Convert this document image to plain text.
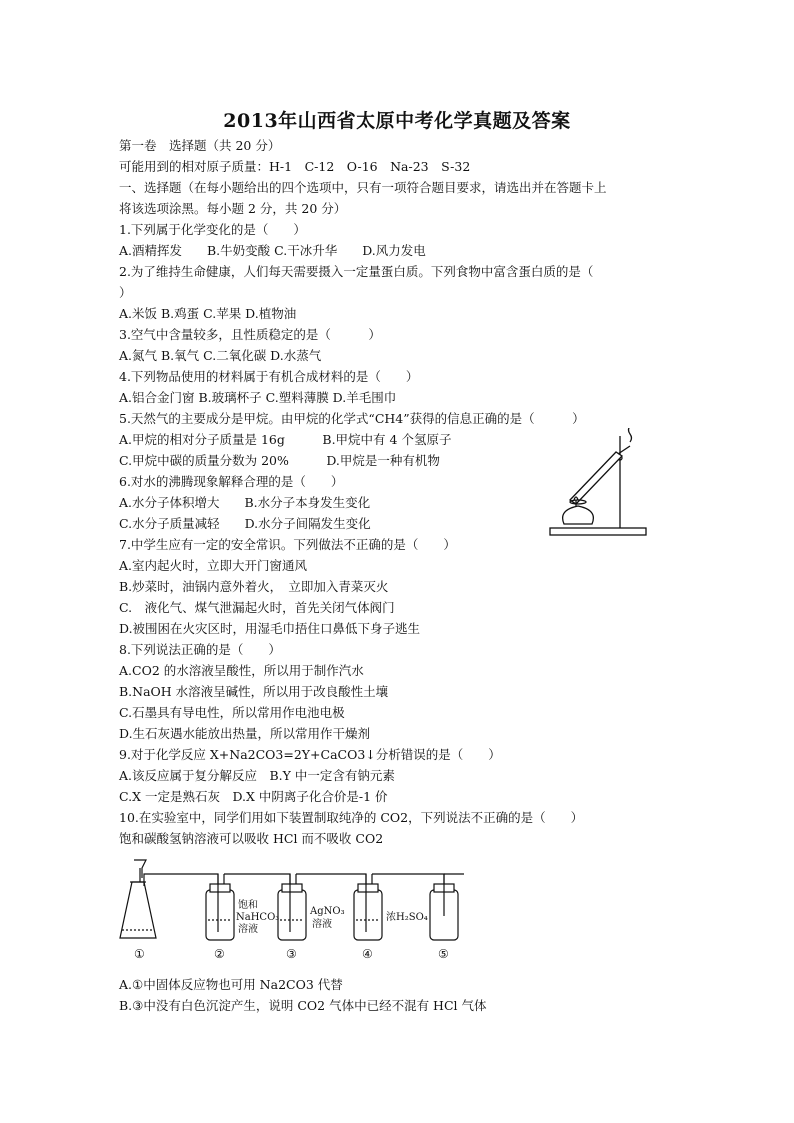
2013年山西省太原中考化学真题及答案
第一卷　选择题（共 20 分）
可能用到的相对原子质量：H-1　C-12　O-16　Na-23　S-32
一、选择题（在每小题给出的四个选项中，只有一项符合题目要求，请选出并在答题卡上
将该选项涂黑。每小题 2 分，共 20 分）
1.下列属于化学变化的是（　　）
A.酒精挥发　　B.牛奶变酸 C.干冰升华　　D.风力发电
2.为了维持生命健康，人们每天需要摄入一定量蛋白质。下列食物中富含蛋白质的是（
）
A.米饭 B.鸡蛋 C.苹果 D.植物油
3.空气中含量较多，且性质稳定的是（　　　）
A.氮气 B.氧气 C.二氧化碳 D.水蒸气
4.下列物品使用的材料属于有机合成材料的是（　　）
A.铝合金门窗 B.玻璃杯子 C.塑料薄膜 D.羊毛围巾
5.天然气的主要成分是甲烷。由甲烷的化学式“CH4”获得的信息正确的是（　　　）
A.甲烷的相对分子质量是 16g　　　B.甲烷中有 4 个氢原子
C.甲烷中碳的质量分数为 20%　　　D.甲烷是一种有机物
6.对水的沸腾现象解释合理的是（　　）
A.水分子体积增大　　B.水分子本身发生变化
C.水分子质量减轻　　D.水分子间隔发生变化
7.中学生应有一定的安全常识。下列做法不正确的是（　　）
A.室内起火时，立即大开门窗通风
B.炒菜时，油锅内意外着火，　立即加入青菜灭火
C.　液化气、煤气泄漏起火时，首先关闭气体阀门
D.被围困在火灾区时，用湿毛巾捂住口鼻低下身子逃生
8.下列说法正确的是（　　）
A.CO2 的水溶液呈酸性，所以用于制作汽水
B.NaOH 水溶液呈碱性，所以用于改良酸性土壤
C.石墨具有导电性，所以常用作电池电极
D.生石灰遇水能放出热量，所以常用作干燥剂
9.对于化学反应 X+Na2CO3=2Y+CaCO3↓分析错误的是（　　）
A.该反应属于复分解反应　B.Y 中一定含有钠元素
C.X 一定是熟石灰　D.X 中阴离子化合价是-1 价
10.在实验室中，同学们用如下装置制取纯净的 CO2，下列说法不正确的是（　　）
饱和碳酸氢钠溶液可以吸收 HCl 而不吸收 CO2
A.①中固体反应物也可用 Na2CO3 代替
B.③中没有白色沉淀产生，说明 CO2 气体中已经不混有 HCl 气体
饱和
NaHCO₃
溶液
AgNO₃
溶液
浓H₂SO₄
①	②	③	④	⑤
